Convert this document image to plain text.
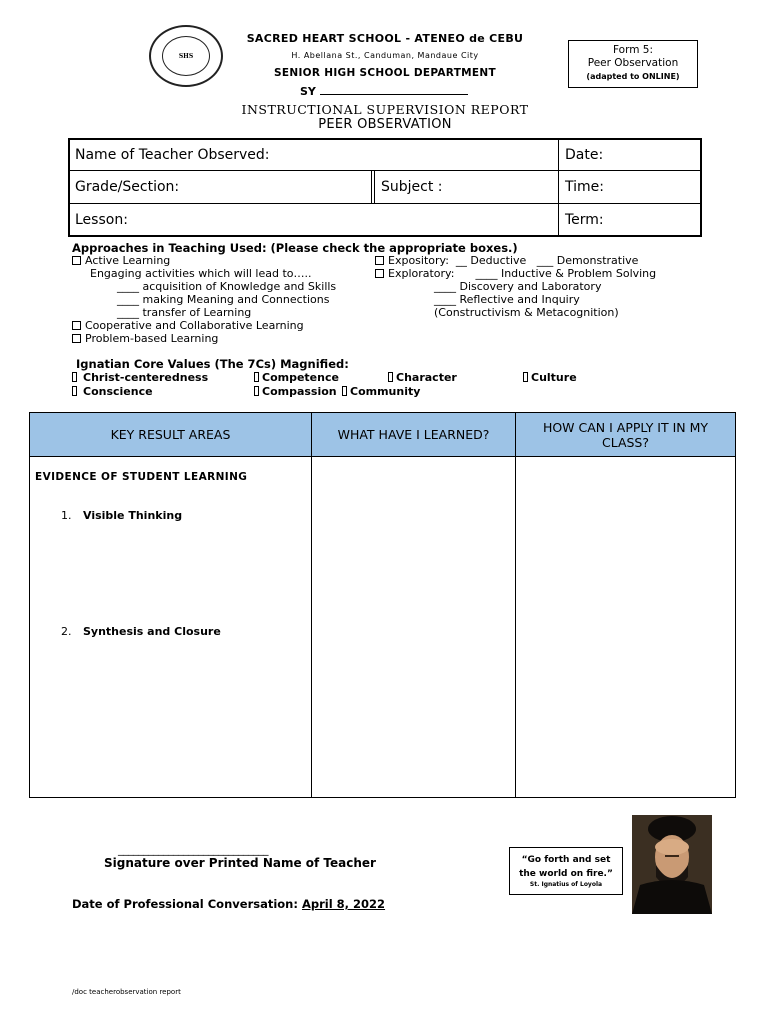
SHS
SACRED HEART SCHOOL - ATENEO de CEBU
H. Abellana St., Canduman, Mandaue City
SENIOR HIGH SCHOOL DEPARTMENT
SY
INSTRUCTIONAL SUPERVISION REPORT
PEER OBSERVATION
Form 5:
Peer Observation
(adapted to ONLINE)
Name of Teacher Observed:	Date:
Grade/Section:	Subject :	Time:
Lesson:	Term:
Approaches in Teaching Used: (Please check the appropriate boxes.)
Active Learning
Engaging activities which will lead to…..
____ acquisition of Knowledge and Skills
____ making Meaning and Connections
____ transfer of Learning
Cooperative and Collaborative Learning
Problem-based Learning
Expository:  __ Deductive   ___ Demonstrative
Exploratory:      ____ Inductive & Problem Solving
____ Discovery and Laboratory
____ Reflective and Inquiry
(Constructivism & Metacognition)
Ignatian Core Values (The 7Cs) Magnified:
Christ-centeredness	Competence	Character	Culture
Conscience	Compassion	Community
KEY RESULT AREAS	WHAT HAVE I LEARNED?	HOW CAN I APPLY IT IN MY CLASS?
EVIDENCE OF STUDENT LEARNING
1. Visible Thinking
2. Synthesis and Closure
______________________________
Signature over Printed Name of Teacher
Date of Professional Conversation: April 8, 2022
“Go forth and set the world on fire.”
St. Ignatius of Loyola
/doc teacherobservation report
